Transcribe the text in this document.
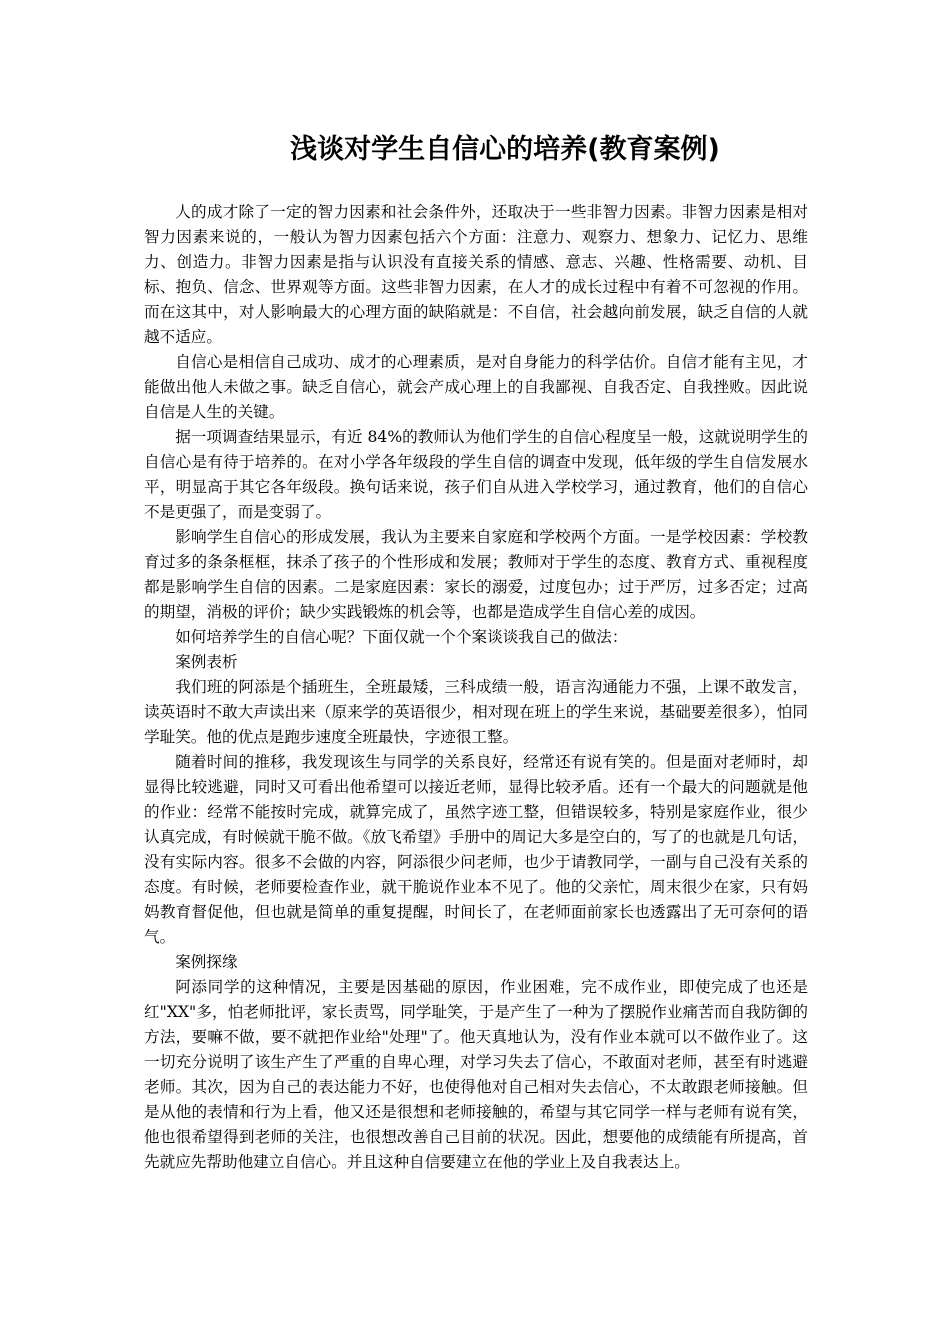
浅谈对学生自信心的培养(教育案例)

人的成才除了一定的智力因素和社会条件外，还取决于一些非智力因素。非智力因素是相对智力因素来说的，一般认为智力因素包括六个方面：注意力、观察力、想象力、记忆力、思维力、创造力。非智力因素是指与认识没有直接关系的情感、意志、兴趣、性格需要、动机、目标、抱负、信念、世界观等方面。这些非智力因素，在人才的成长过程中有着不可忽视的作用。而在这其中，对人影响最大的心理方面的缺陷就是：不自信，社会越向前发展，缺乏自信的人就越不适应。

自信心是相信自己成功、成才的心理素质，是对自身能力的科学估价。自信才能有主见，才能做出他人未做之事。缺乏自信心，就会产成心理上的自我鄙视、自我否定、自我挫败。因此说自信是人生的关键。

据一项调查结果显示，有近 84%的教师认为他们学生的自信心程度呈一般，这就说明学生的自信心是有待于培养的。在对小学各年级段的学生自信的调查中发现，低年级的学生自信发展水平，明显高于其它各年级段。换句话来说，孩子们自从进入学校学习，通过教育，他们的自信心不是更强了，而是变弱了。

影响学生自信心的形成发展，我认为主要来自家庭和学校两个方面。一是学校因素：学校教育过多的条条框框，抹杀了孩子的个性形成和发展；教师对于学生的态度、教育方式、重视程度都是影响学生自信的因素。二是家庭因素：家长的溺爱，过度包办；过于严厉，过多否定；过高的期望，消极的评价；缺少实践锻炼的机会等，也都是造成学生自信心差的成因。

如何培养学生的自信心呢？下面仅就一个个案谈谈我自己的做法：

案例表析

我们班的阿添是个插班生，全班最矮，三科成绩一般，语言沟通能力不强，上课不敢发言，读英语时不敢大声读出来（原来学的英语很少，相对现在班上的学生来说，基础要差很多），怕同学耻笑。他的优点是跑步速度全班最快，字迹很工整。

随着时间的推移，我发现该生与同学的关系良好，经常还有说有笑的。但是面对老师时，却显得比较逃避，同时又可看出他希望可以接近老师，显得比较矛盾。还有一个最大的问题就是他的作业：经常不能按时完成，就算完成了，虽然字迹工整，但错误较多，特别是家庭作业，很少认真完成，有时候就干脆不做。《放飞希望》手册中的周记大多是空白的，写了的也就是几句话，没有实际内容。很多不会做的内容，阿添很少问老师，也少于请教同学，一副与自己没有关系的态度。有时候，老师要检查作业，就干脆说作业本不见了。他的父亲忙，周末很少在家，只有妈妈教育督促他，但也就是简单的重复提醒，时间长了，在老师面前家长也透露出了无可奈何的语气。

案例探缘

阿添同学的这种情况，主要是因基础的原因，作业困难，完不成作业，即使完成了也还是红"XX"多，怕老师批评，家长责骂，同学耻笑，于是产生了一种为了摆脱作业痛苦而自我防御的方法，要嘛不做，要不就把作业给"处理"了。他天真地认为，没有作业本就可以不做作业了。这一切充分说明了该生产生了严重的自卑心理，对学习失去了信心，不敢面对老师，甚至有时逃避老师。其次，因为自己的表达能力不好，也使得他对自己相对失去信心，不太敢跟老师接触。但是从他的表情和行为上看，他又还是很想和老师接触的，希望与其它同学一样与老师有说有笑，他也很希望得到老师的关注，也很想改善自己目前的状况。因此，想要他的成绩能有所提高，首先就应先帮助他建立自信心。并且这种自信要建立在他的学业上及自我表达上。
